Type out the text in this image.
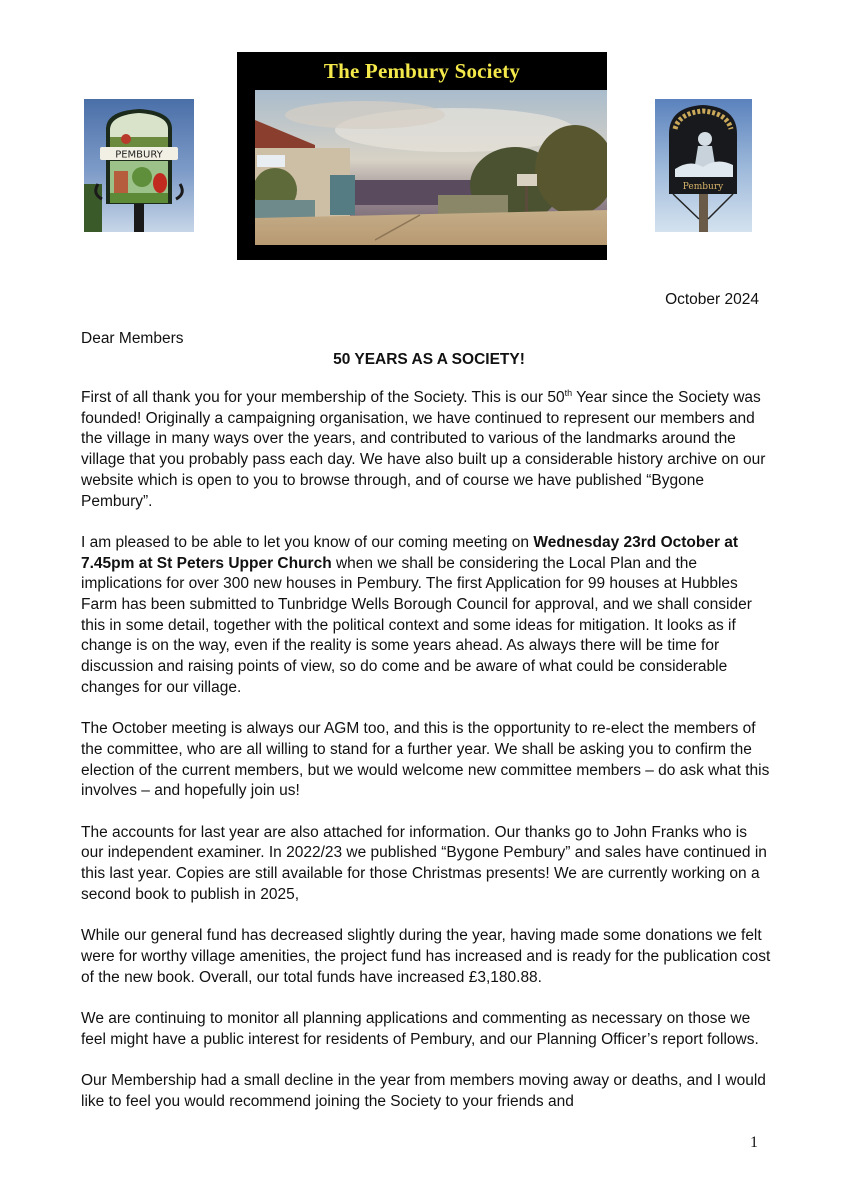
PEMBURY
The Pembury Society
Pembury
October 2024
Dear Members
50 YEARS AS A SOCIETY!

First of all thank you for your membership of the Society. This is our 50th Year since the Society was founded! Originally a campaigning organisation, we have continued to represent our members and the village in many ways over the years, and contributed to various of the landmarks around the village that you probably pass each day. We have also built up a considerable history archive on our website which is open to you to browse through, and of course we have published “Bygone Pembury”.

I am pleased to be able to let you know of our coming meeting on Wednesday 23rd October at 7.45pm at St Peters Upper Church when we shall be considering the Local Plan and the implications for over 300 new houses in Pembury. The first Application for 99 houses at Hubbles Farm has been submitted to Tunbridge Wells Borough Council for approval, and we shall consider this in some detail, together with the political context and some ideas for mitigation. It looks as if change is on the way, even if the reality is some years ahead. As always there will be time for discussion and raising points of view, so do come and be aware of what could be considerable changes for our village.

The October meeting is always our AGM too, and this is the opportunity to re-elect the members of the committee, who are all willing to stand for a further year. We shall be asking you to confirm the election of the current members, but we would welcome new committee members – do ask what this involves – and hopefully join us!

The accounts for last year are also attached for information. Our thanks go to John Franks who is our independent examiner. In 2022/23 we published “Bygone Pembury” and sales have continued in this last year. Copies are still available for those Christmas presents! We are currently working on a second book to publish in 2025,

While our general fund has decreased slightly during the year, having made some donations we felt were for worthy village amenities, the project fund has increased and is ready for the publication cost of the new book. Overall, our total funds have increased £3,180.88.

We are continuing to monitor all planning applications and commenting as necessary on those we feel might have a public interest for residents of Pembury, and our Planning Officer’s report follows.

Our Membership had a small decline in the year from members moving away or deaths, and I would like to feel you would recommend joining the Society to your friends and

1
